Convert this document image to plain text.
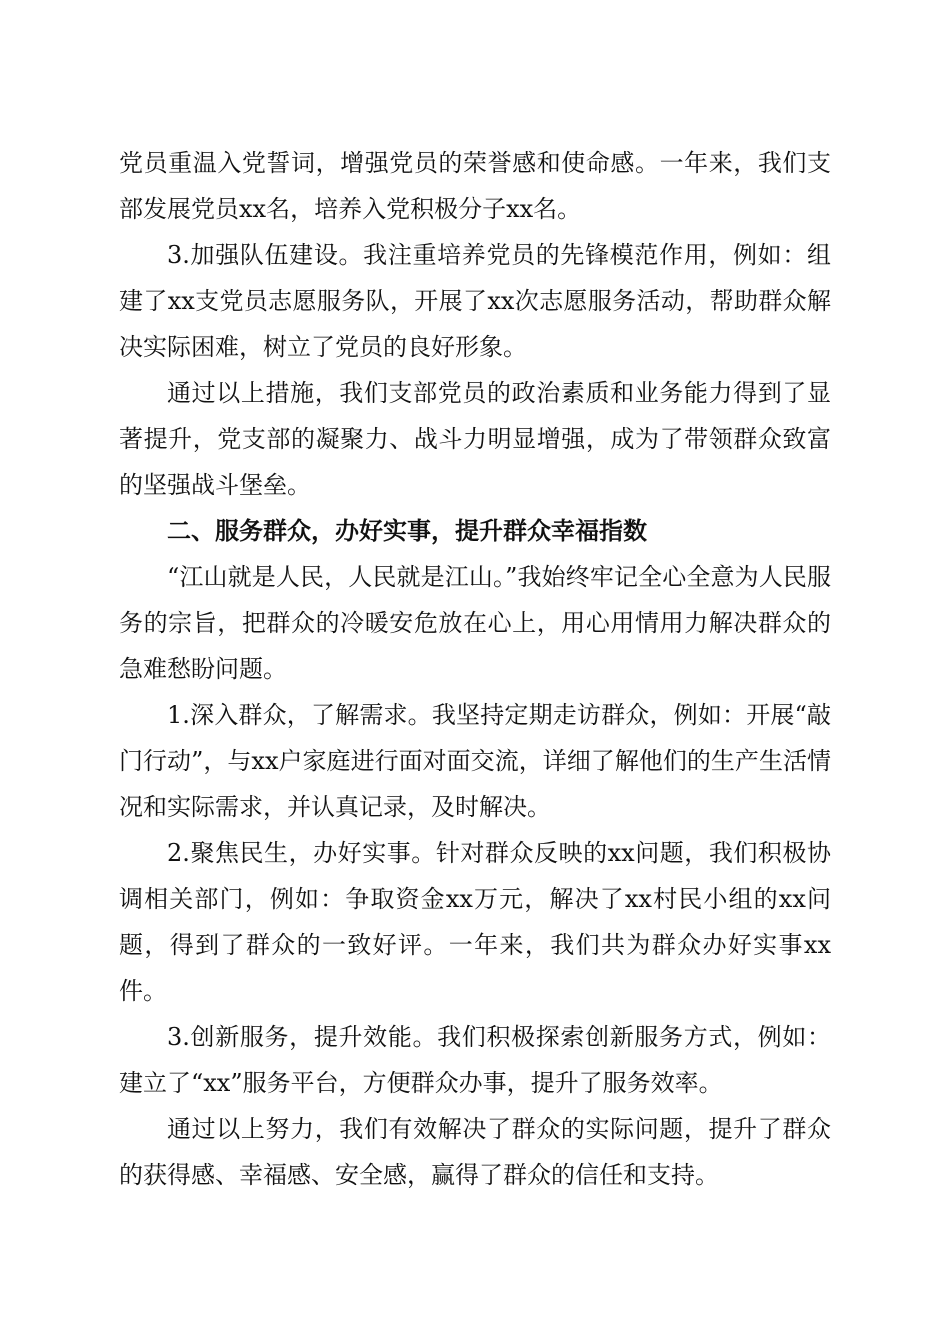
党员重温入党誓词，增强党员的荣誉感和使命感。一年来，我们支部发展党员xx名，培养入党积极分子xx名。

3.加强队伍建设。我注重培养党员的先锋模范作用，例如：组建了xx支党员志愿服务队，开展了xx次志愿服务活动，帮助群众解决实际困难，树立了党员的良好形象。

通过以上措施，我们支部党员的政治素质和业务能力得到了显著提升，党支部的凝聚力、战斗力明显增强，成为了带领群众致富的坚强战斗堡垒。

二、服务群众，办好实事，提升群众幸福指数

“江山就是人民，人民就是江山。”我始终牢记全心全意为人民服务的宗旨，把群众的冷暖安危放在心上，用心用情用力解决群众的急难愁盼问题。

1.深入群众，了解需求。我坚持定期走访群众，例如：开展“敲门行动”，与xx户家庭进行面对面交流，详细了解他们的生产生活情况和实际需求，并认真记录，及时解决。

2.聚焦民生，办好实事。针对群众反映的xx问题，我们积极协调相关部门，例如：争取资金xx万元，解决了xx村民小组的xx问题，得到了群众的一致好评。一年来，我们共为群众办好实事xx件。

3.创新服务，提升效能。我们积极探索创新服务方式，例如：建立了“xx”服务平台，方便群众办事，提升了服务效率。

通过以上努力，我们有效解决了群众的实际问题，提升了群众的获得感、幸福感、安全感，赢得了群众的信任和支持。
